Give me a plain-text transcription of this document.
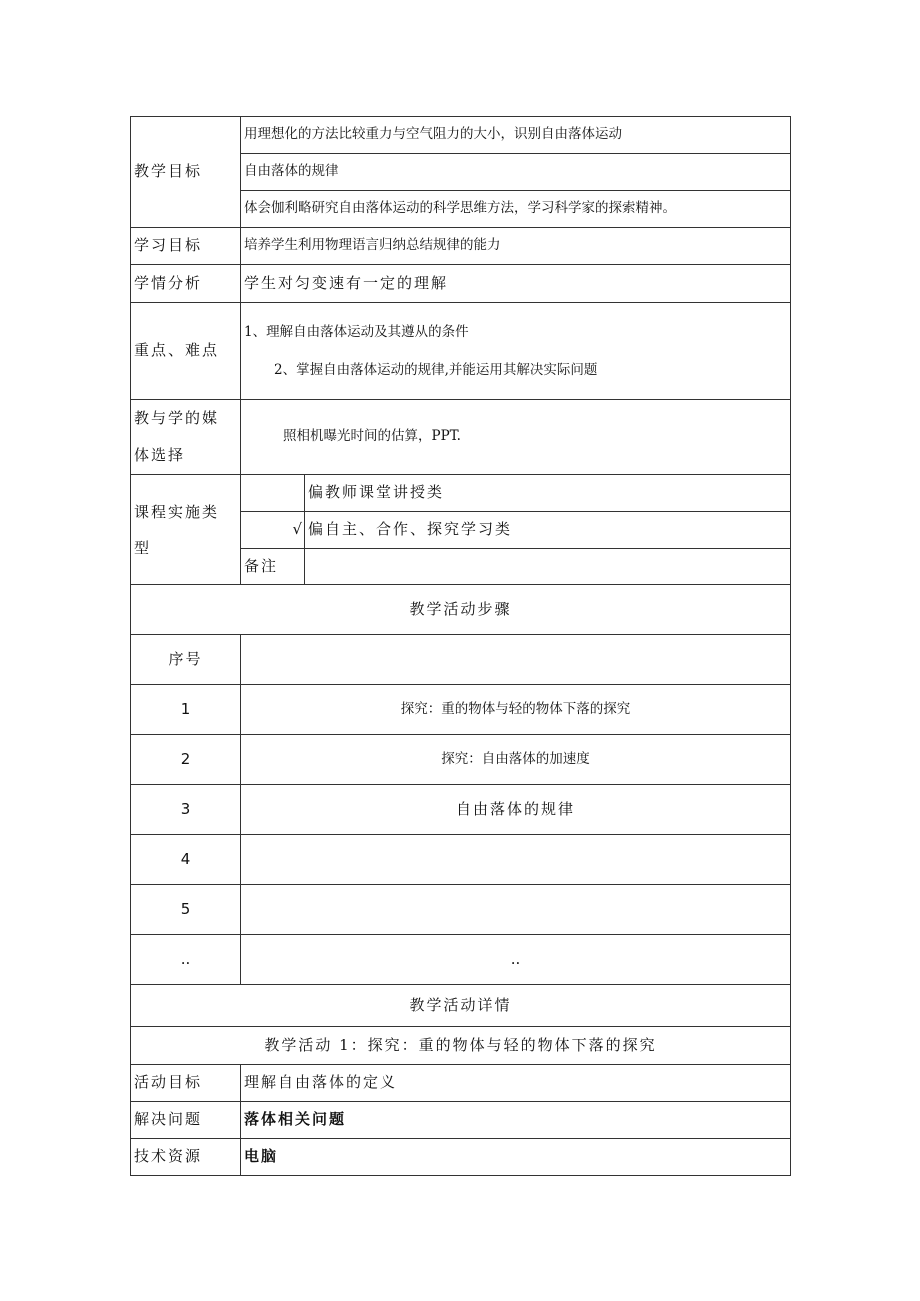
教学目标	用理想化的方法比较重力与空气阻力的大小，识别自由落体运动	
	自由落体的规律	
	体会伽利略研究自由落体运动的科学思维方法，学习科学家的探索精神。	
学习目标	培养学生利用物理语言归纳总结规律的能力	
学情分析	学生对匀变速有一定的理解	
重点、难点	1、理解自由落体运动及其遵从的条件
2、掌握自由落体运动的规律,并能运用其解决实际问题	

教与学的媒
体选择	照相机曝光时间的估算，PPT.	

课程实施类
型		偏教师课堂讲授类
	√	偏自主、合作、探究学习类
	备注	
教学活动步骤		
序号		
1	探究：重的物体与轻的物体下落的探究	
2	探究：自由落体的加速度	
3	自由落体的规律	
4		
5		
..	..	
教学活动详情		
教学活动 1：探究：重的物体与轻的物体下落的探究		
活动目标	理解自由落体的定义	
解决问题	落体相关问题	
技术资源	电脑	
